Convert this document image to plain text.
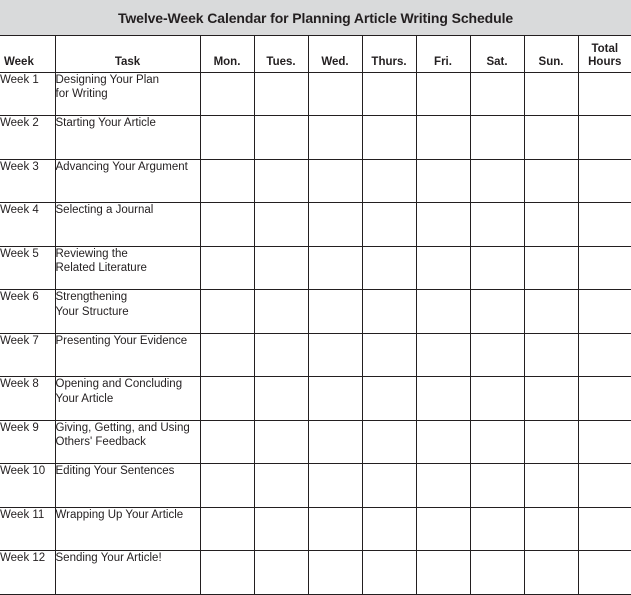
Twelve-Week Calendar for Planning Article Writing Schedule
Week	Task	Mon.	Tues.	Wed.	Thurs.	Fri.	Sat.	Sun.	Total
Hours

Week 1	Designing Your Plan
for Writing								

Week 2	Starting Your Article								

Week 3	Advancing Your Argument								

Week 4	Selecting a Journal								

Week 5	Reviewing the
Related Literature								

Week 6	Strengthening
Your Structure								

Week 7	Presenting Your Evidence								

Week 8	Opening and Concluding
Your Article								

Week 9	Giving, Getting, and Using
Others' Feedback								

Week 10	Editing Your Sentences								

Week 11	Wrapping Up Your Article								

Week 12	Sending Your Article!								
